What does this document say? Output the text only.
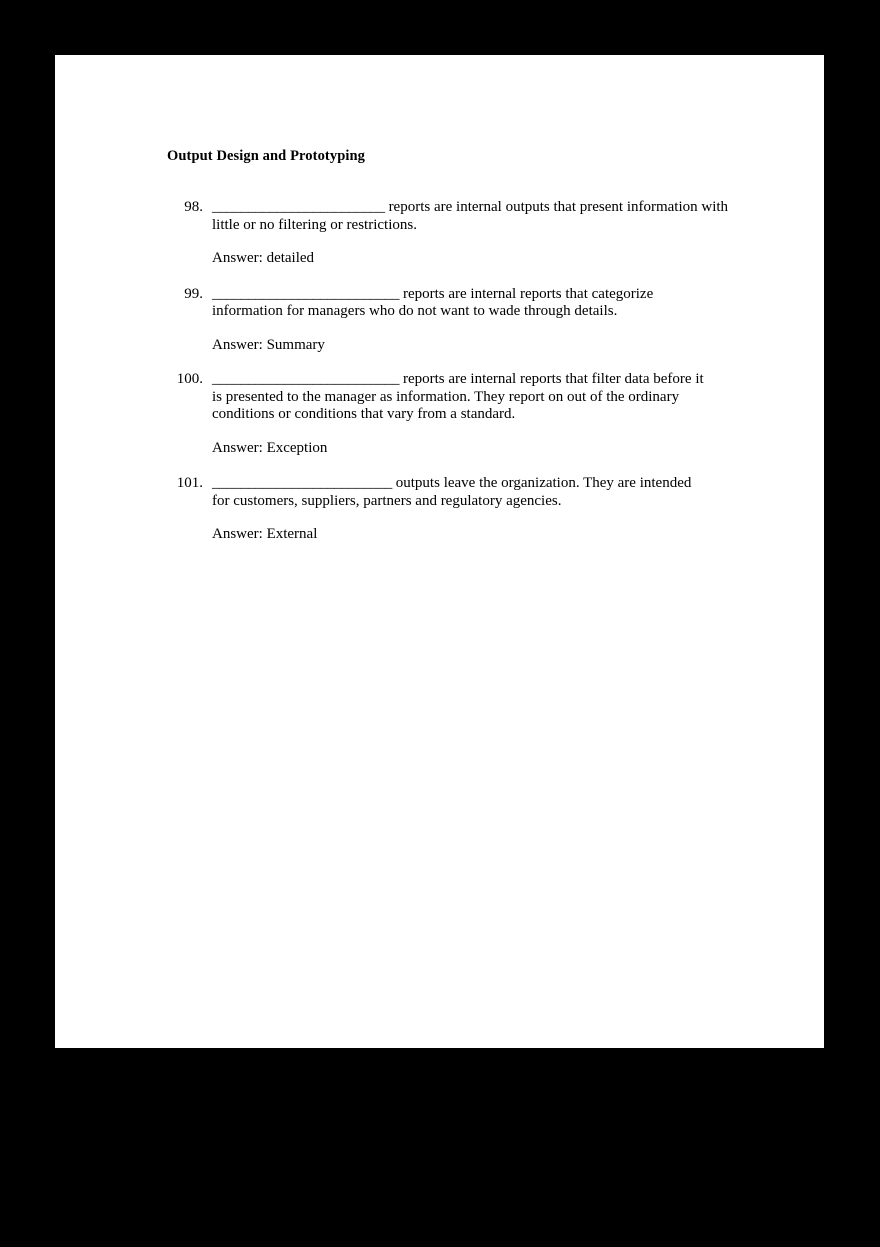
Output Design and Prototyping
98. ________________________ reports are internal outputs that present information with little or no filtering or restrictions.
Answer: detailed
99. __________________________ reports are internal reports that categorize information for managers who do not want to wade through details.
Answer: Summary
100. __________________________ reports are internal reports that filter data before it is presented to the manager as information. They report on out of the ordinary conditions or conditions that vary from a standard.
Answer: Exception
101. _________________________ outputs leave the organization. They are intended for customers, suppliers, partners and regulatory agencies.
Answer: External
